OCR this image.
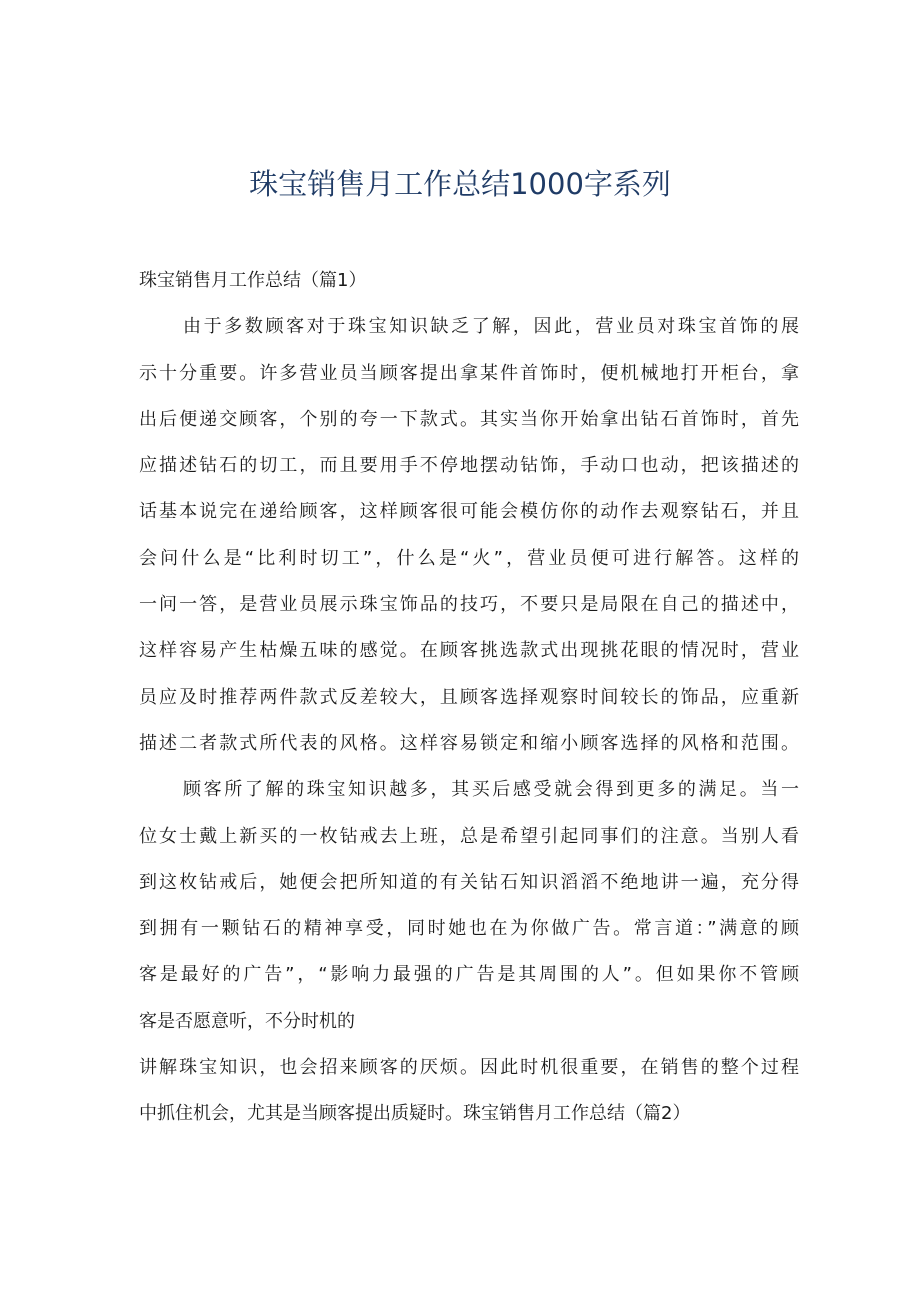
珠宝销售月工作总结1000字系列
珠宝销售月工作总结（篇1）
由于多数顾客对于珠宝知识缺乏了解，因此，营业员对珠宝首饰的展
示十分重要。许多营业员当顾客提出拿某件首饰时，便机械地打开柜台，拿
出后便递交顾客，个别的夸一下款式。其实当你开始拿出钻石首饰时，首先
应描述钻石的切工，而且要用手不停地摆动钻饰，手动口也动，把该描述的
话基本说完在递给顾客，这样顾客很可能会模仿你的动作去观察钻石，并且
会问什么是“比利时切工”，什么是“火”，营业员便可进行解答。这样的
一问一答，是营业员展示珠宝饰品的技巧，不要只是局限在自己的描述中，
这样容易产生枯燥五味的感觉。在顾客挑选款式出现挑花眼的情况时，营业
员应及时推荐两件款式反差较大，且顾客选择观察时间较长的饰品，应重新
描述二者款式所代表的风格。这样容易锁定和缩小顾客选择的风格和范围。
顾客所了解的珠宝知识越多，其买后感受就会得到更多的满足。当一
位女士戴上新买的一枚钻戒去上班，总是希望引起同事们的注意。当别人看
到这枚钻戒后，她便会把所知道的有关钻石知识滔滔不绝地讲一遍，充分得
到拥有一颗钻石的精神享受，同时她也在为你做广告。常言道：”满意的顾
客是最好的广告”，“影响力最强的广告是其周围的人”。但如果你不管顾
客是否愿意听，不分时机的
讲解珠宝知识，也会招来顾客的厌烦。因此时机很重要，在销售的整个过程
中抓住机会，尤其是当顾客提出质疑时。珠宝销售月工作总结（篇2）
